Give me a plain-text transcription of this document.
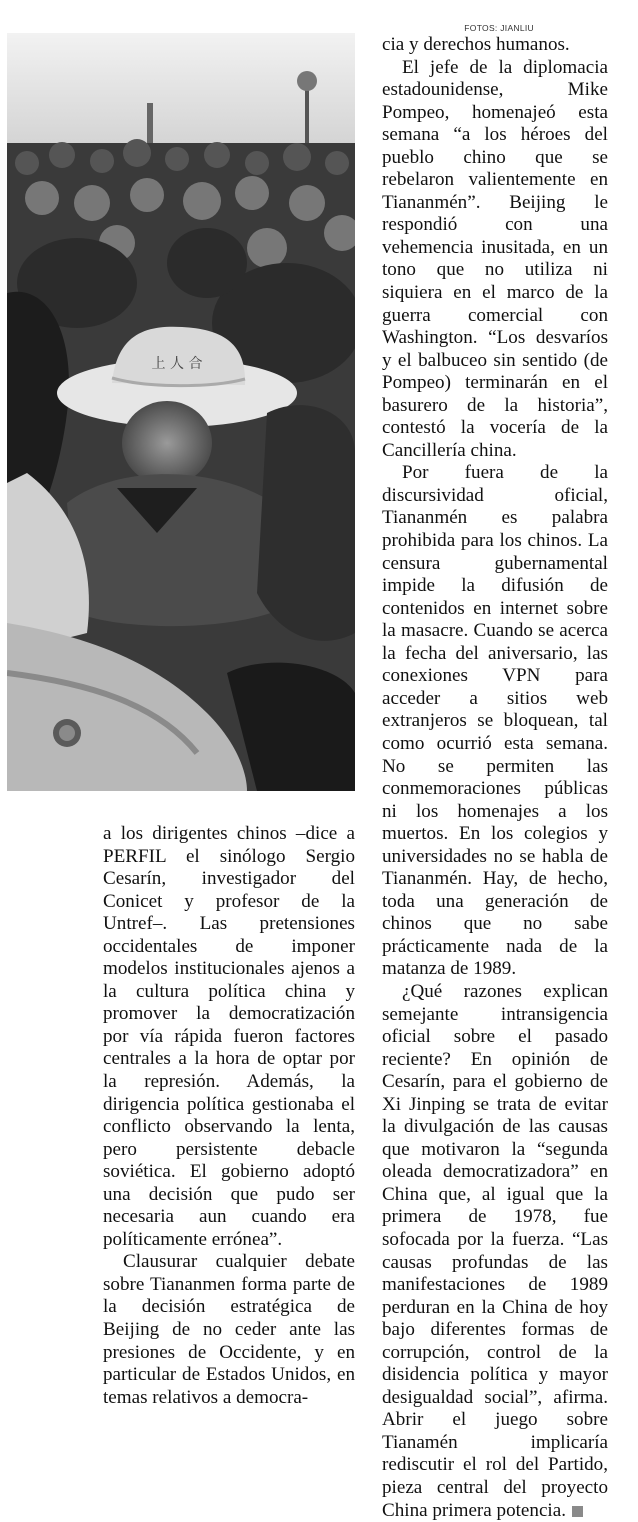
FOTOS: JIANLIU
上 人 合

cia y derechos humanos.

El jefe de la diplomacia estadounidense, Mike Pompeo, homenajeó esta semana “a los héroes del pueblo chino que se rebelaron valientemente en Tiananmén”. Beijing le respondió con una vehemencia inusitada, en un tono que no utiliza ni siquiera en el marco de la guerra comercial con Washington. “Los desvaríos y el balbuceo sin sentido (de Pompeo) terminarán en el basurero de la historia”, contestó la vocería de la Cancillería china.

Por fuera de la discursividad oficial, Tiananmén es palabra prohibida para los chinos. La censura gubernamental impide la difusión de contenidos en internet sobre la masacre. Cuando se acerca la fecha del aniversario, las conexiones VPN para acceder a sitios web extranjeros se bloquean, tal como ocurrió esta semana. No se permiten las conmemoraciones públicas ni los homenajes a los muertos. En los colegios y universidades no se habla de Tiananmén. Hay, de hecho, toda una generación de chinos que no sabe prácticamente nada de la matanza de 1989.

¿Qué razones explican semejante intransigencia oficial sobre el pasado reciente? En opinión de Cesarín, para el gobierno de Xi Jinping se trata de evitar la divulgación de las causas que motivaron la “segunda oleada democratizadora” en China que, al igual que la primera de 1978, fue sofocada por la fuerza. “Las causas profundas de las manifestaciones de 1989 perduran en la China de hoy bajo diferentes formas de corrupción, control de la disidencia política y mayor desigualdad social”, afirma. Abrir el juego sobre Tianamén implicaría rediscutir el rol del Partido, pieza central del proyecto China primera potencia.

a los dirigentes chinos –dice a PERFIL el sinólogo Sergio Cesarín, investigador del Conicet y profesor de la Untref–. Las pretensiones occidentales de imponer modelos institucionales ajenos a la cultura política china y promover la democratización por vía rápida fueron factores centrales a la hora de optar por la represión. Además, la dirigencia política gestionaba el conflicto observando la lenta, pero persistente debacle soviética. El gobierno adoptó una decisión que pudo ser necesaria aun cuando era políticamente errónea”.

Clausurar cualquier debate sobre Tiananmen forma parte de la decisión estratégica de Beijing de no ceder ante las presiones de Occidente, y en particular de Estados Unidos, en temas relativos a democra-
